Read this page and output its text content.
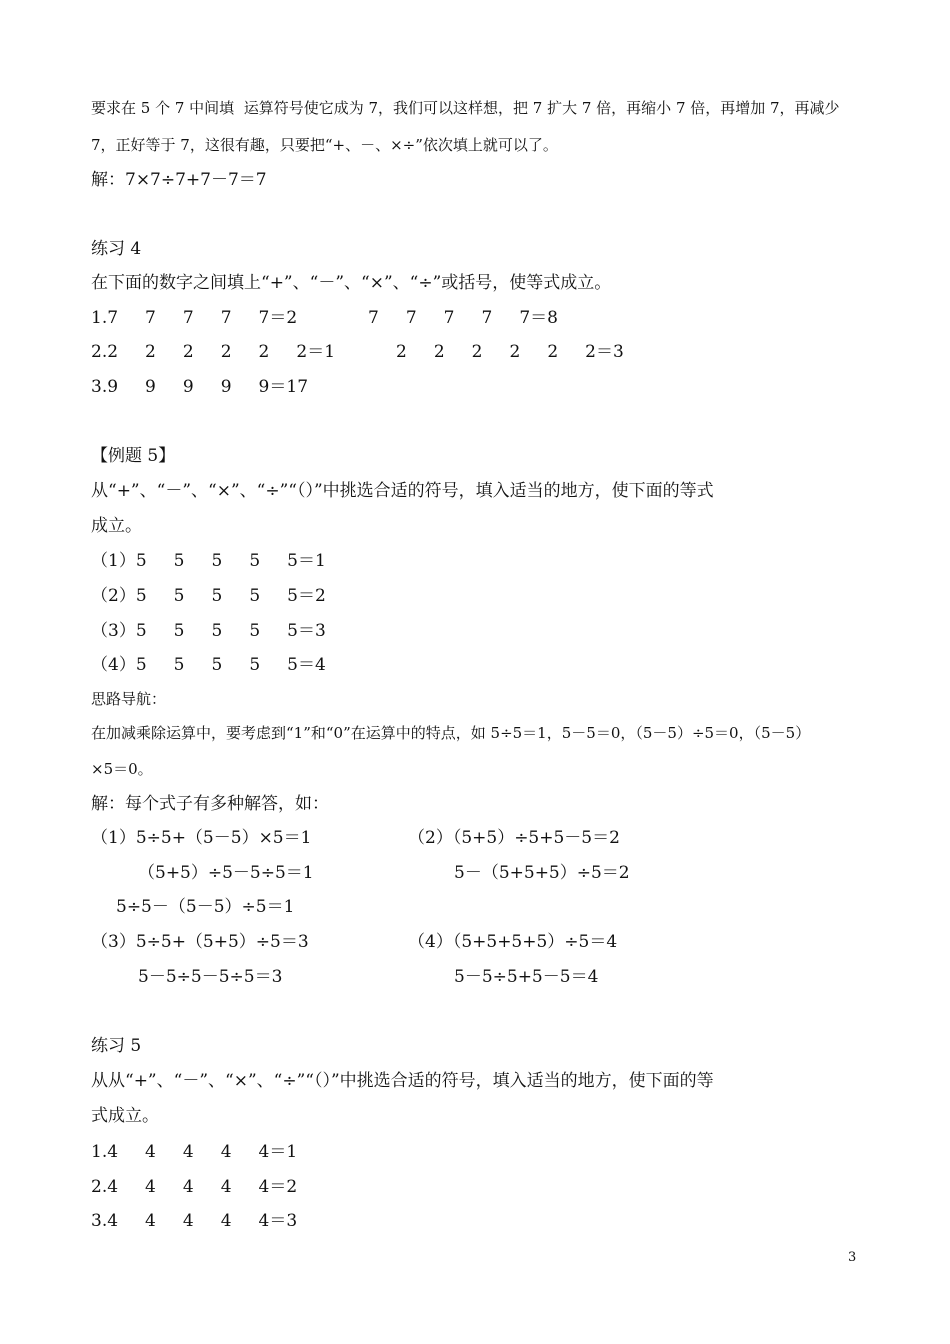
要求在 5 个 7 中间填  运算符号使它成为 7，我们可以这样想，把 7 扩大 7 倍，再缩小 7 倍，再增加 7，再减少
7，正好等于 7，这很有趣，只要把“+、－、×÷”依次填上就可以了。
解：7×7÷7+7－7＝7
练习 4
在下面的数字之间填上“+”、“－”、“×”、“÷”或括号，使等式成立。
1.7     7     7     7     7＝2	7     7     7     7     7＝8
2.2     2     2     2     2     2＝1	2     2     2     2     2     2＝3
3.9     9     9     9     9＝17
【例题 5】
从“+”、“－”、“×”、“÷”“（）”中挑选合适的符号，填入适当的地方，使下面的等式
成立。
（1）5     5     5     5     5＝1
（2）5     5     5     5     5＝2
（3）5     5     5     5     5＝3
（4）5     5     5     5     5＝4
思路导航：
在加减乘除运算中，要考虑到“1”和“0”在运算中的特点，如 5÷5＝1，5－5＝0，（5－5）÷5＝0，（5－5）
×5＝0。
解：每个式子有多种解答，如：
（1）5÷5+（5－5）×5＝1
（5+5）÷5－5÷5＝1
5÷5－（5－5）÷5＝1
（3）5÷5+（5+5）÷5＝3
5－5÷5－5÷5＝3
（2）（5+5）÷5+5－5＝2
5－（5+5+5）÷5＝2
（4）（5+5+5+5）÷5＝4
5－5÷5+5－5＝4
练习 5
从从“+”、“－”、“×”、“÷”“（）”中挑选合适的符号，填入适当的地方，使下面的等
式成立。
1.4     4     4     4     4＝1
2.4     4     4     4     4＝2
3.4     4     4     4     4＝3
3
